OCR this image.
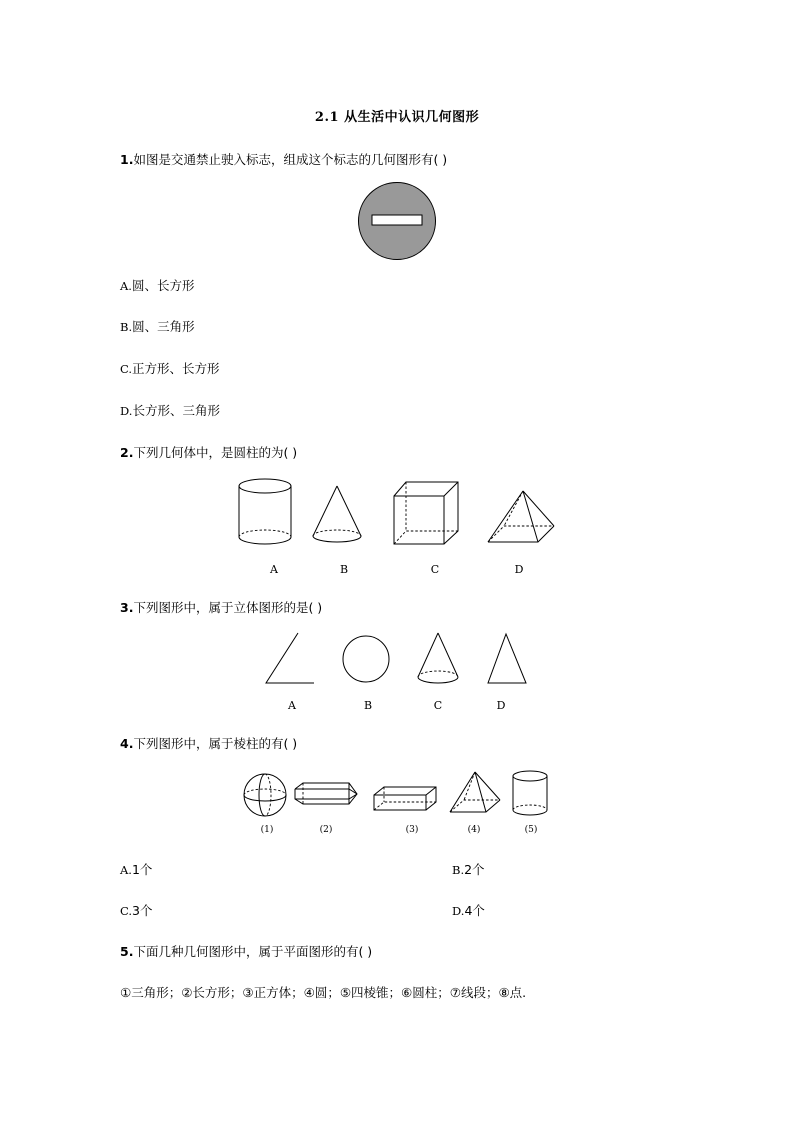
2.1 从生活中认识几何图形
1.如图是交通禁止驶入标志，组成这个标志的几何图形有( )
A.圆、长方形
B.圆、三角形
C.正方形、长方形
D.长方形、三角形
2.下列几何体中，是圆柱的为( )
A	B	C	D
3.下列图形中，属于立体图形的是( )
A	B	C	D
4.下列图形中，属于棱柱的有( )
(1)	(2)	(3)	(4)	(5)
A.1个	B.2个
C.3个	D.4个
5.下面几种几何图形中，属于平面图形的有( )
①三角形；②长方形；③正方体；④圆；⑤四棱锥；⑥圆柱；⑦线段；⑧点.
